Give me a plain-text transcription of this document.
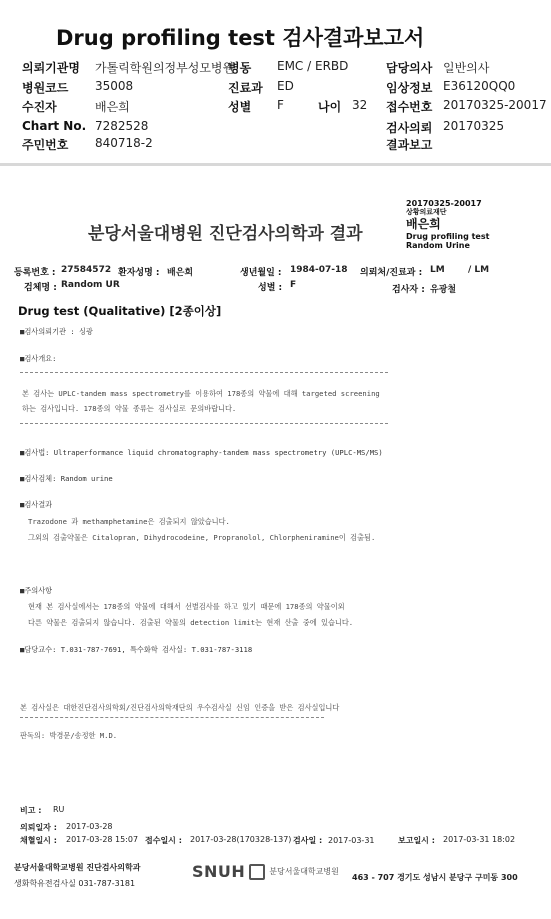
Drug profiling test 검사결과보고서
의뢰기관명 가톨릭학원의정부성모병원
병동 EMC / ERBD	담당의사 일반의사
병원코드 35008	진료과 ED	임상정보 E36120QQ0
수진자	배은희	성별 F	나이 32 접수번호 20170325-20017
Chart No. 7282528	검사의뢰 20170325
주민번호 840718-2	결과보고
분당서울대병원 진단검사의학과 결과
20170325-20017
상황의료재단
배은희
Drug profiling test
Random Urine
등록번호 : 27584572 환자성명 : 배은희	생년월일 : 1984-07-18 의뢰처/진료과 : LM	/ LM
검체명 : Random UR	성별 : F	검사자 : 유광철
Drug test (Qualitative) [2종이상]
■검사의뢰기관 : 싱광
■검사개요:
본 검사는 UPLC-tandem mass spectrometry를 이용하여 178종의 약물에 대해 targeted screening
하는 검사입니다. 178종의 약물 종류는 검사실로 문의바랍니다.
■검사법: Ultraperformance liquid chromatography-tandem mass spectrometry (UPLC-MS/MS)
■검사검체: Random urine
■검사결과
Trazodone 과 methamphetamine은 검출되지 않았습니다.
그외의 검출약물은 Citalopran, Dihydrocodeine, Propranolol, Chlorpheniramine이 검출됨.
■주의사항
현재 본 검사실에서는 178종의 약물에 대해서 선별검사를 하고 있기 때문에 178종의 약물이외
다른 약물은 검출되지 않습니다. 검출된 약물의 detection limit는 현재 산출 중에 있습니다.
■담당교수: T.031-787-7691, 특수화학 검사실: T.031-787-3118
본 검사실은 대한진단검사의학회/진단검사의학재단의 우수검사실 신임 인증을 받은 검사실입니다
판독의: 박경문/송정한 M.D.
비고 : RU
의뢰일자 : 2017-03-28
채혈일시 : 2017-03-28 15:07 접수일시 : 2017-03-28(170328-137) 검사일 : 2017-03-31	보고일시 : 2017-03-31 18:02
분당서울대학교병원 진단검사의학과
생화학유전검사실 031-787-3181
SNUH	분당서울대학교병원
463 - 707 경기도 성남시 분당구 구미동 300
